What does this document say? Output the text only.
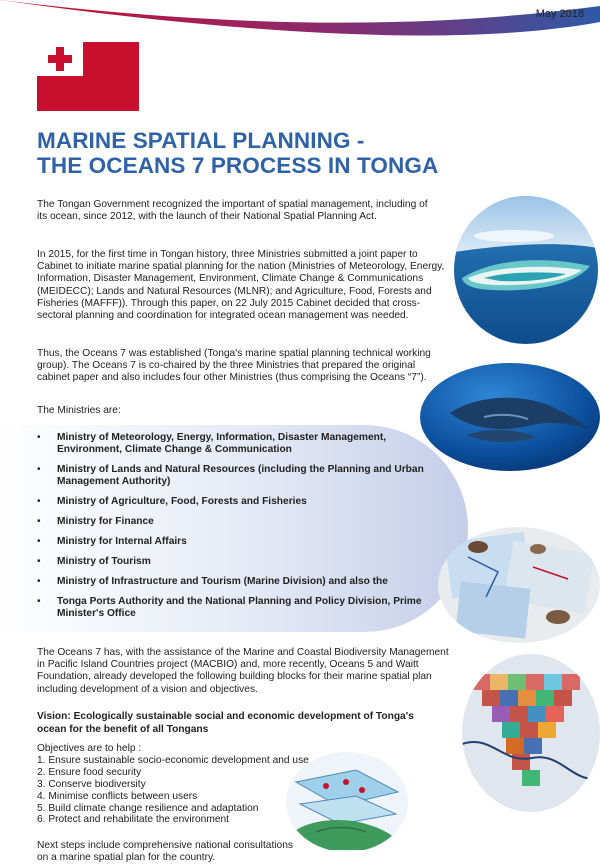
May 2018
MARINE SPATIAL PLANNING -
THE OCEANS 7 PROCESS IN TONGA
The Tongan Government recognized the important of spatial management, including of its ocean, since 2012, with the launch of their National Spatial Planning Act.
In 2015, for the first time in Tongan history, three Ministries submitted a joint paper to Cabinet to initiate marine spatial planning for the nation (Ministries of Meteorology, Energy, Information, Disaster Management, Environment, Climate Change & Communications (MEIDECC); Lands and Natural Resources (MLNR); and Agriculture, Food, Forests and Fisheries (MAFFF)). Through this paper, on 22 July 2015 Cabinet decided that cross-sectoral planning and coordination for integrated ocean management was needed.
Thus, the Oceans 7 was established (Tonga's marine spatial planning technical working group). The Oceans 7 is co-chaired by the three Ministries that prepared the original cabinet paper and also includes four other Ministries (thus comprising the Oceans “7”).
The Ministries are:
• Ministry of Meteorology, Energy, Information, Disaster Management, Environment, Climate Change & Communication
• Ministry of Lands and Natural Resources (including the Planning and Urban Management Authority)
• Ministry of Agriculture, Food, Forests and Fisheries
• Ministry for Finance
• Ministry for Internal Affairs
• Ministry of Tourism
• Ministry of Infrastructure and Tourism (Marine Division) and also the
• Tonga Ports Authority and the National Planning and Policy Division, Prime Minister's Office
The Oceans 7 has, with the assistance of the Marine and Coastal Biodiversity Management in Pacific Island Countries project (MACBIO) and, more recently, Oceans 5 and Waitt Foundation, already developed the following building blocks for their marine spatial plan including development of a vision and objectives.
Vision: Ecologically sustainable social and economic development of Tonga's ocean for the benefit of all Tongans
Objectives are to help :
1. Ensure sustainable socio-economic development and use
2. Ensure food security
3. Conserve biodiversity
4. Minimise conflicts between users
5. Build climate change resilience and adaptation
6. Protect and rehabilitate the environment
Next steps include comprehensive national consultations on a marine spatial plan for the country.
